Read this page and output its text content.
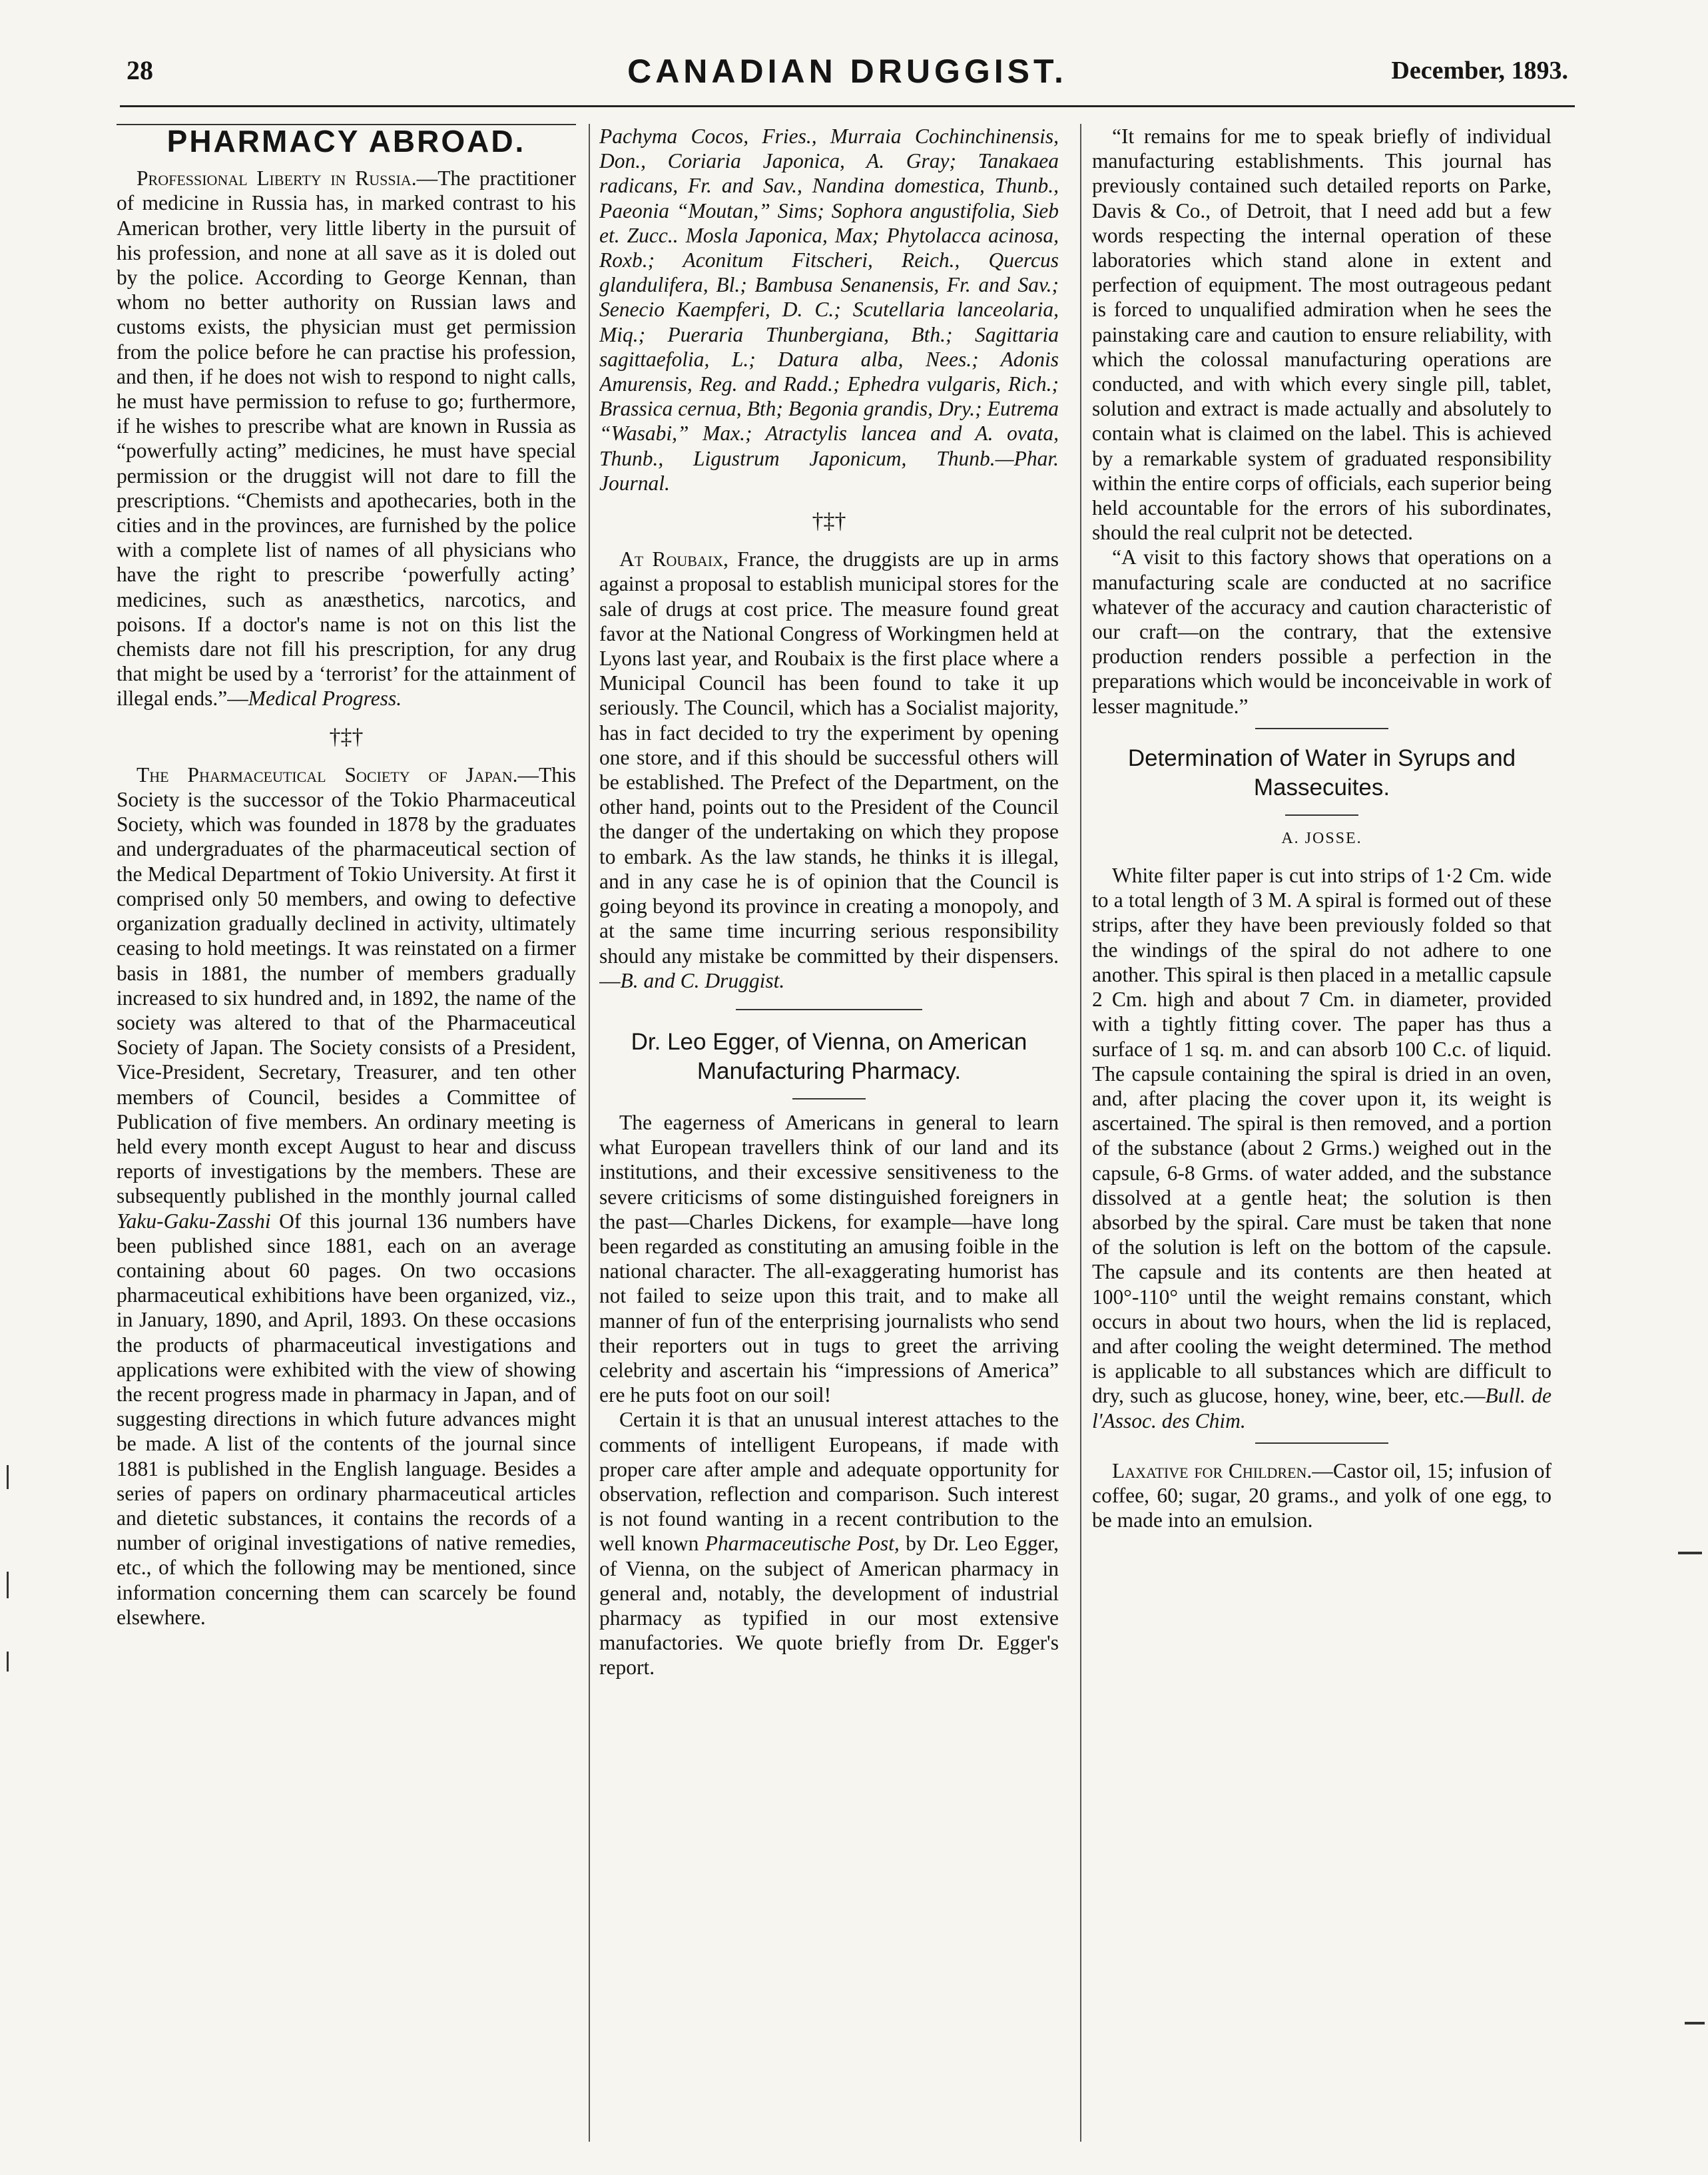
28	CANADIAN DRUGGIST.	December, 1893.
PHARMACY ABROAD.

Professional Liberty in Russia.—The practitioner of medicine in Russia has, in marked contrast to his American brother, very little liberty in the pursuit of his profession, and none at all save as it is doled out by the police. According to George Kennan, than whom no better authority on Russian laws and customs exists, the physician must get permission from the police before he can practise his profession, and then, if he does not wish to respond to night calls, he must have permission to refuse to go; furthermore, if he wishes to prescribe what are known in Russia as “powerfully acting” medicines, he must have special permission or the druggist will not dare to fill the prescriptions. “Chemists and apothecaries, both in the cities and in the provinces, are furnished by the police with a complete list of names of all physicians who have the right to prescribe ‘powerfully acting’ medicines, such as anæsthetics, narcotics, and poisons. If a doctor's name is not on this list the chemists dare not fill his prescription, for any drug that might be used by a ‘terrorist’ for the attainment of illegal ends.”—Medical Progress.

†‡†

The Pharmaceutical Society of Japan.—This Society is the successor of the Tokio Pharmaceutical Society, which was founded in 1878 by the graduates and undergraduates of the pharmaceutical section of the Medical Department of Tokio University. At first it comprised only 50 members, and owing to defective organization gradually declined in activity, ultimately ceasing to hold meetings. It was reinstated on a firmer basis in 1881, the number of members gradually increased to six hundred and, in 1892, the name of the society was altered to that of the Pharmaceutical Society of Japan. The Society consists of a President, Vice-President, Secretary, Treasurer, and ten other members of Council, besides a Committee of Publication of five members. An ordinary meeting is held every month except August to hear and discuss reports of investigations by the members. These are subsequently published in the monthly journal called Yaku-Gaku-Zasshi Of this journal 136 numbers have been published since 1881, each on an average containing about 60 pages. On two occasions pharmaceutical exhibitions have been organized, viz., in January, 1890, and April, 1893. On these occasions the products of pharmaceutical investigations and applications were exhibited with the view of showing the recent progress made in pharmacy in Japan, and of suggesting directions in which future advances might be made. A list of the contents of the journal since 1881 is published in the English language. Besides a series of papers on ordinary pharmaceutical articles and dietetic substances, it contains the records of a number of original investigations of native remedies, etc., of which the following may be mentioned, since information concerning them can scarcely be found elsewhere.

Pachyma Cocos, Fries., Murraia Cochinchinensis, Don., Coriaria Japonica, A. Gray; Tanakaea radicans, Fr. and Sav., Nandina domestica, Thunb., Paeonia “Moutan,” Sims; Sophora angustifolia, Sieb et. Zucc.. Mosla Japonica, Max; Phytolacca acinosa, Roxb.; Aconitum Fitscheri, Reich., Quercus glandulifera, Bl.; Bambusa Senanensis, Fr. and Sav.; Senecio Kaempferi, D. C.; Scutellaria lanceolaria, Miq.; Pueraria Thunbergiana, Bth.; Sagittaria sagittaefolia, L.; Datura alba, Nees.; Adonis Amurensis, Reg. and Radd.; Ephedra vulgaris, Rich.; Brassica cernua, Bth; Begonia grandis, Dry.; Eutrema “Wasabi,” Max.; Atractylis lancea and A. ovata, Thunb., Ligustrum Japonicum, Thunb.—Phar. Journal.

†‡†

At Roubaix, France, the druggists are up in arms against a proposal to establish municipal stores for the sale of drugs at cost price. The measure found great favor at the National Congress of Workingmen held at Lyons last year, and Roubaix is the first place where a Municipal Council has been found to take it up seriously. The Council, which has a Socialist majority, has in fact decided to try the experiment by opening one store, and if this should be successful others will be established. The Prefect of the Department, on the other hand, points out to the President of the Council the danger of the undertaking on which they propose to embark. As the law stands, he thinks it is illegal, and in any case he is of opinion that the Council is going beyond its province in creating a monopoly, and at the same time incurring serious responsibility should any mistake be committed by their dispensers.—B. and C. Druggist.

Dr. Leo Egger, of Vienna, on American Manufacturing Pharmacy.

The eagerness of Americans in general to learn what European travellers think of our land and its institutions, and their excessive sensitiveness to the severe criticisms of some distinguished foreigners in the past—Charles Dickens, for example—have long been regarded as constituting an amusing foible in the national character. The all-exaggerating humorist has not failed to seize upon this trait, and to make all manner of fun of the enterprising journalists who send their reporters out in tugs to greet the arriving celebrity and ascertain his “impressions of America” ere he puts foot on our soil!

Certain it is that an unusual interest attaches to the comments of intelligent Europeans, if made with proper care after ample and adequate opportunity for observation, reflection and comparison. Such interest is not found wanting in a recent contribution to the well known Pharmaceutische Post, by Dr. Leo Egger, of Vienna, on the subject of American pharmacy in general and, notably, the development of industrial pharmacy as typified in our most extensive manufactories. We quote briefly from Dr. Egger's report.

“It remains for me to speak briefly of individual manufacturing establishments. This journal has previously contained such detailed reports on Parke, Davis & Co., of Detroit, that I need add but a few words respecting the internal operation of these laboratories which stand alone in extent and perfection of equipment. The most outrageous pedant is forced to unqualified admiration when he sees the painstaking care and caution to ensure reliability, with which the colossal manufacturing operations are conducted, and with which every single pill, tablet, solution and extract is made actually and absolutely to contain what is claimed on the label. This is achieved by a remarkable system of graduated responsibility within the entire corps of officials, each superior being held accountable for the errors of his subordinates, should the real culprit not be detected.

“A visit to this factory shows that operations on a manufacturing scale are conducted at no sacrifice whatever of the accuracy and caution characteristic of our craft—on the contrary, that the extensive production renders possible a perfection in the preparations which would be inconceivable in work of lesser magnitude.”

Determination of Water in Syrups and Massecuites.
A. JOSSE.

White filter paper is cut into strips of 1·2 Cm. wide to a total length of 3 M. A spiral is formed out of these strips, after they have been previously folded so that the windings of the spiral do not adhere to one another. This spiral is then placed in a metallic capsule 2 Cm. high and about 7 Cm. in diameter, provided with a tightly fitting cover. The paper has thus a surface of 1 sq. m. and can absorb 100 C.c. of liquid. The capsule containing the spiral is dried in an oven, and, after placing the cover upon it, its weight is ascertained. The spiral is then removed, and a portion of the substance (about 2 Grms.) weighed out in the capsule, 6-8 Grms. of water added, and the substance dissolved at a gentle heat; the solution is then absorbed by the spiral. Care must be taken that none of the solution is left on the bottom of the capsule. The capsule and its contents are then heated at 100°-110° until the weight remains constant, which occurs in about two hours, when the lid is replaced, and after cooling the weight determined. The method is applicable to all substances which are difficult to dry, such as glucose, honey, wine, beer, etc.—Bull. de l'Assoc. des Chim.

Laxative for Children.—Castor oil, 15; infusion of coffee, 60; sugar, 20 grams., and yolk of one egg, to be made into an emulsion.
